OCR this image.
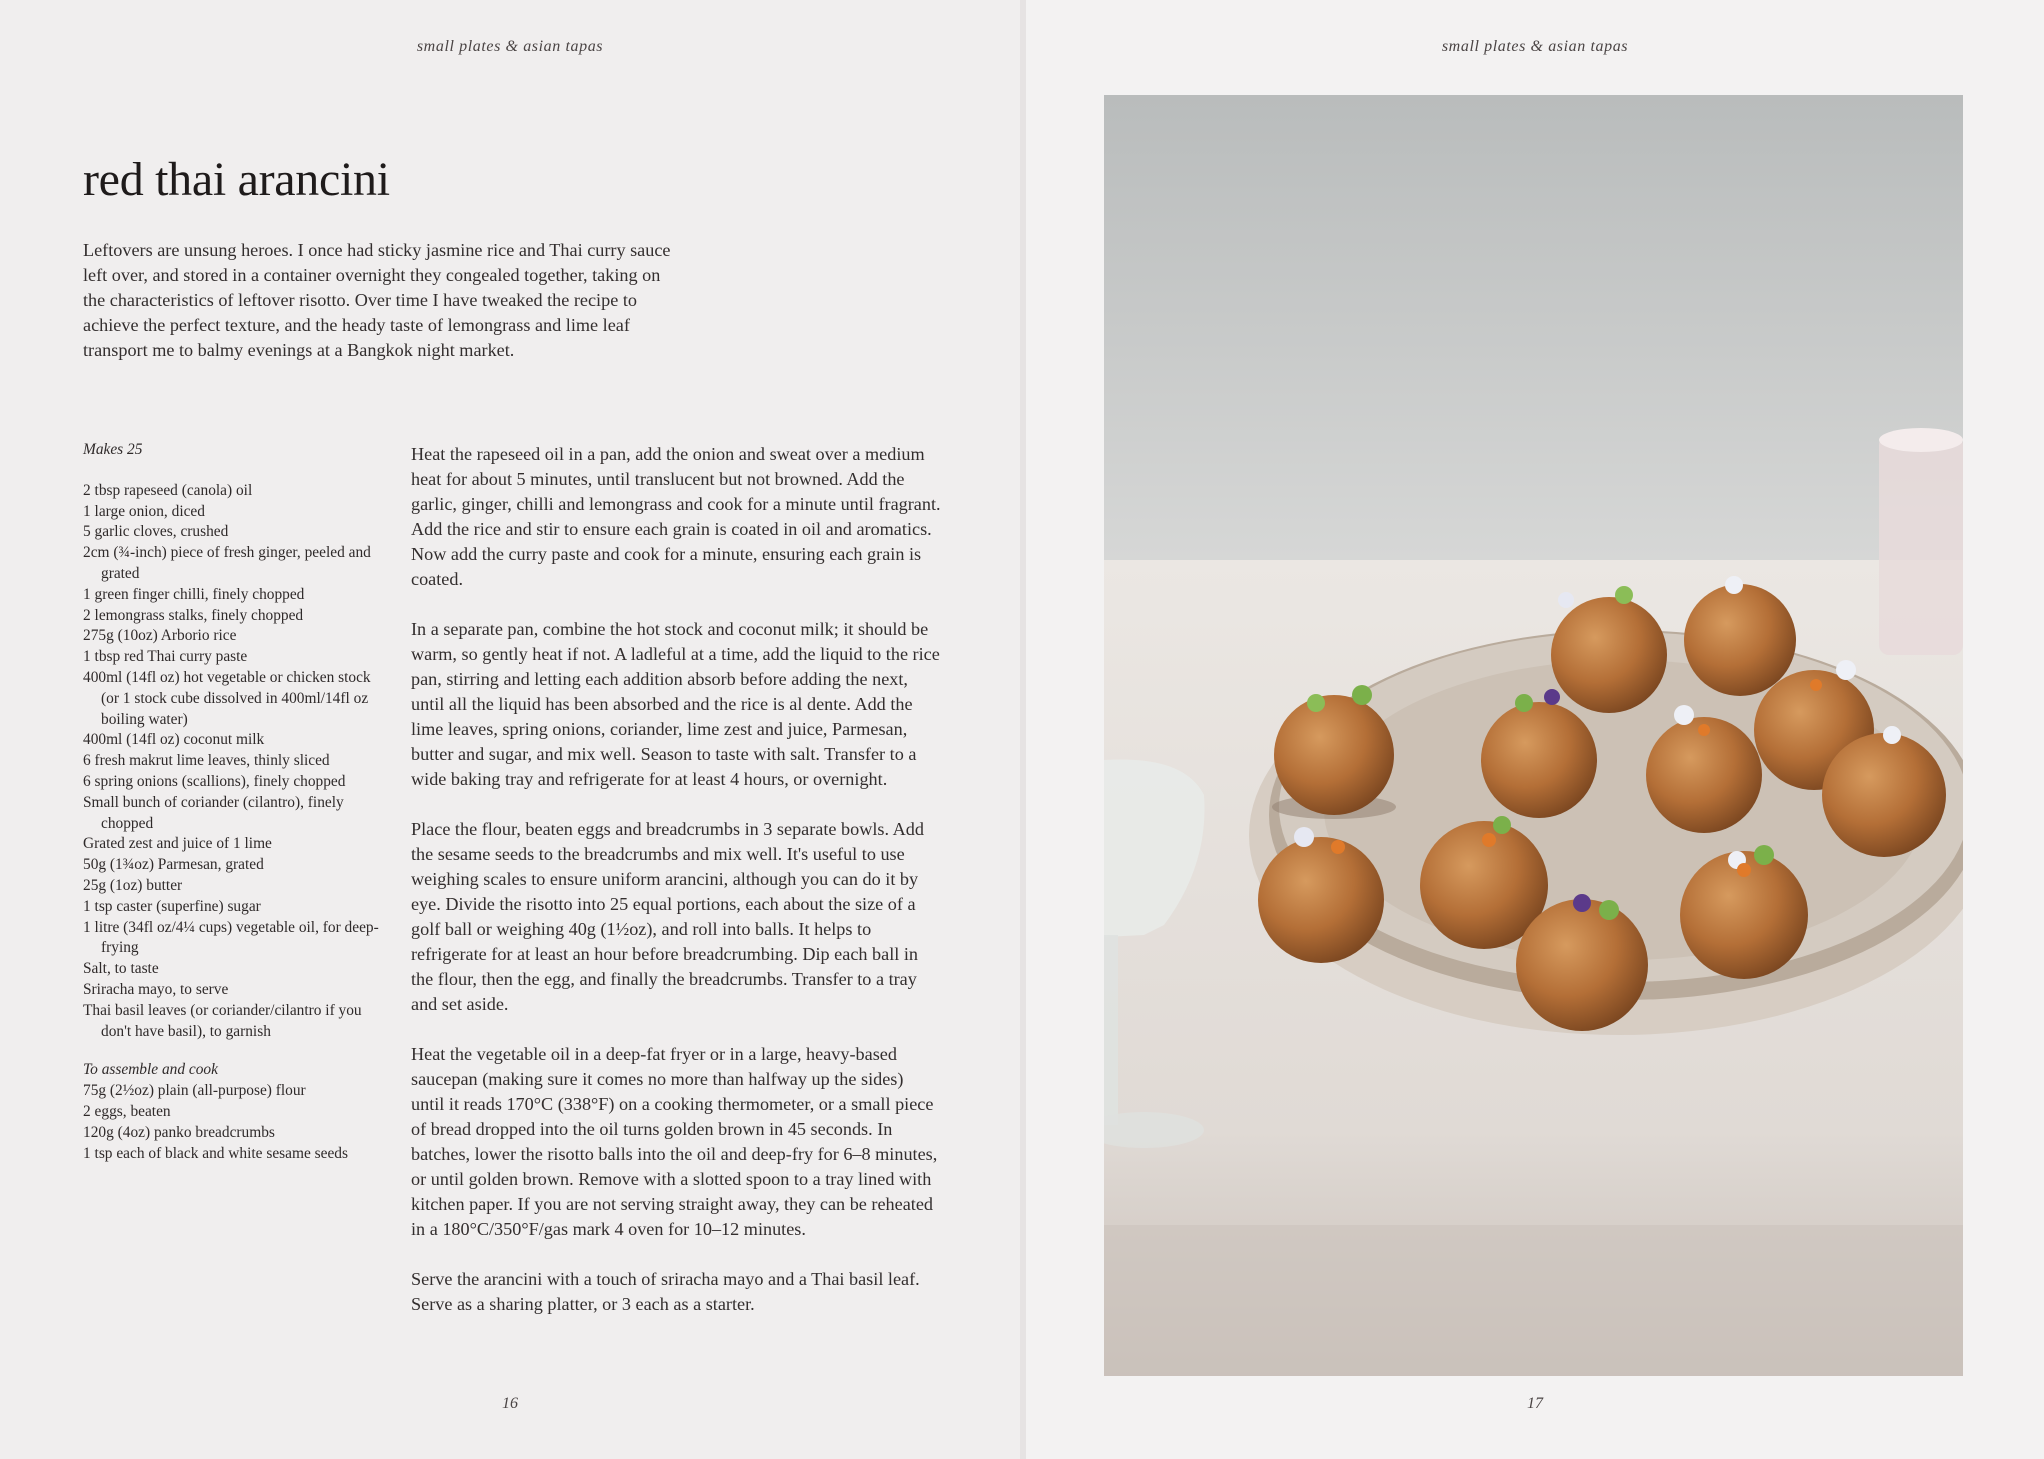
small plates & asian tapas
red thai arancini

Leftovers are unsung heroes. I once had sticky jasmine rice and Thai curry sauce left over, and stored in a container overnight they congealed together, taking on the characteristics of leftover risotto. Over time I have tweaked the recipe to achieve the perfect texture, and the heady taste of lemongrass and lime leaf transport me to balmy evenings at a Bangkok night market.

Makes 25
2 tbsp rapeseed (canola) oil
1 large onion, diced
5 garlic cloves, crushed
2cm (¾-inch) piece of fresh ginger, peeled and grated
1 green finger chilli, finely chopped
2 lemongrass stalks, finely chopped
275g (10oz) Arborio rice
1 tbsp red Thai curry paste
400ml (14fl oz) hot vegetable or chicken stock (or 1 stock cube dissolved in 400ml/14fl oz boiling water)
400ml (14fl oz) coconut milk
6 fresh makrut lime leaves, thinly sliced
6 spring onions (scallions), finely chopped
Small bunch of coriander (cilantro), finely chopped
Grated zest and juice of 1 lime
50g (1¾oz) Parmesan, grated
25g (1oz) butter
1 tsp caster (superfine) sugar
1 litre (34fl oz/4¼ cups) vegetable oil, for deep-frying
Salt, to taste
Sriracha mayo, to serve
Thai basil leaves (or coriander/cilantro if you don't have basil), to garnish
To assemble and cook
75g (2½oz) plain (all-purpose) flour
2 eggs, beaten
120g (4oz) panko breadcrumbs
1 tsp each of black and white sesame seeds

Heat the rapeseed oil in a pan, add the onion and sweat over a medium heat for about 5 minutes, until translucent but not browned. Add the garlic, ginger, chilli and lemongrass and cook for a minute until fragrant. Add the rice and stir to ensure each grain is coated in oil and aromatics. Now add the curry paste and cook for a minute, ensuring each grain is coated.

In a separate pan, combine the hot stock and coconut milk; it should be warm, so gently heat if not. A ladleful at a time, add the liquid to the rice pan, stirring and letting each addition absorb before adding the next, until all the liquid has been absorbed and the rice is al dente. Add the lime leaves, spring onions, coriander, lime zest and juice, Parmesan, butter and sugar, and mix well. Season to taste with salt. Transfer to a wide baking tray and refrigerate for at least 4 hours, or overnight.

Place the flour, beaten eggs and breadcrumbs in 3 separate bowls. Add the sesame seeds to the breadcrumbs and mix well. It's useful to use weighing scales to ensure uniform arancini, although you can do it by eye. Divide the risotto into 25 equal portions, each about the size of a golf ball or weighing 40g (1½oz), and roll into balls. It helps to refrigerate for at least an hour before breadcrumbing. Dip each ball in the flour, then the egg, and finally the breadcrumbs. Transfer to a tray and set aside.

Heat the vegetable oil in a deep-fat fryer or in a large, heavy-based saucepan (making sure it comes no more than halfway up the sides) until it reads 170°C (338°F) on a cooking thermometer, or a small piece of bread dropped into the oil turns golden brown in 45 seconds. In batches, lower the risotto balls into the oil and deep-fry for 6–8 minutes, or until golden brown. Remove with a slotted spoon to a tray lined with kitchen paper. If you are not serving straight away, they can be reheated in a 180°C/350°F/gas mark 4 oven for 10–12 minutes.

Serve the arancini with a touch of sriracha mayo and a Thai basil leaf. Serve as a sharing platter, or 3 each as a starter.

16
small plates & asian tapas
17
